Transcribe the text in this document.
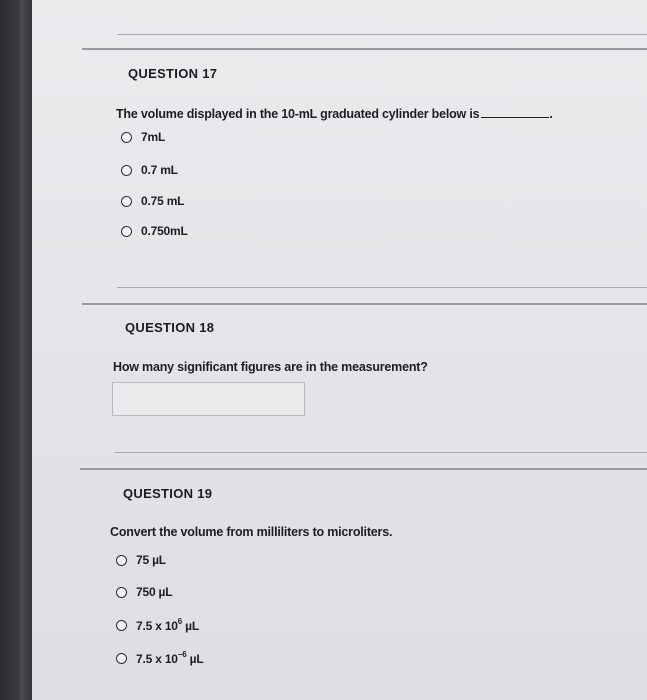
QUESTION 17
The volume displayed in the 10-mL graduated cylinder below is	.
7mL
0.7 mL
0.75 mL
0.750mL
QUESTION 18
How many significant figures are in the measurement?
QUESTION 19
Convert the volume from milliliters to microliters.
75 µL
750 µL
7.5 x $10^6$ µL
7.5 x $10^{-6}$ µL
